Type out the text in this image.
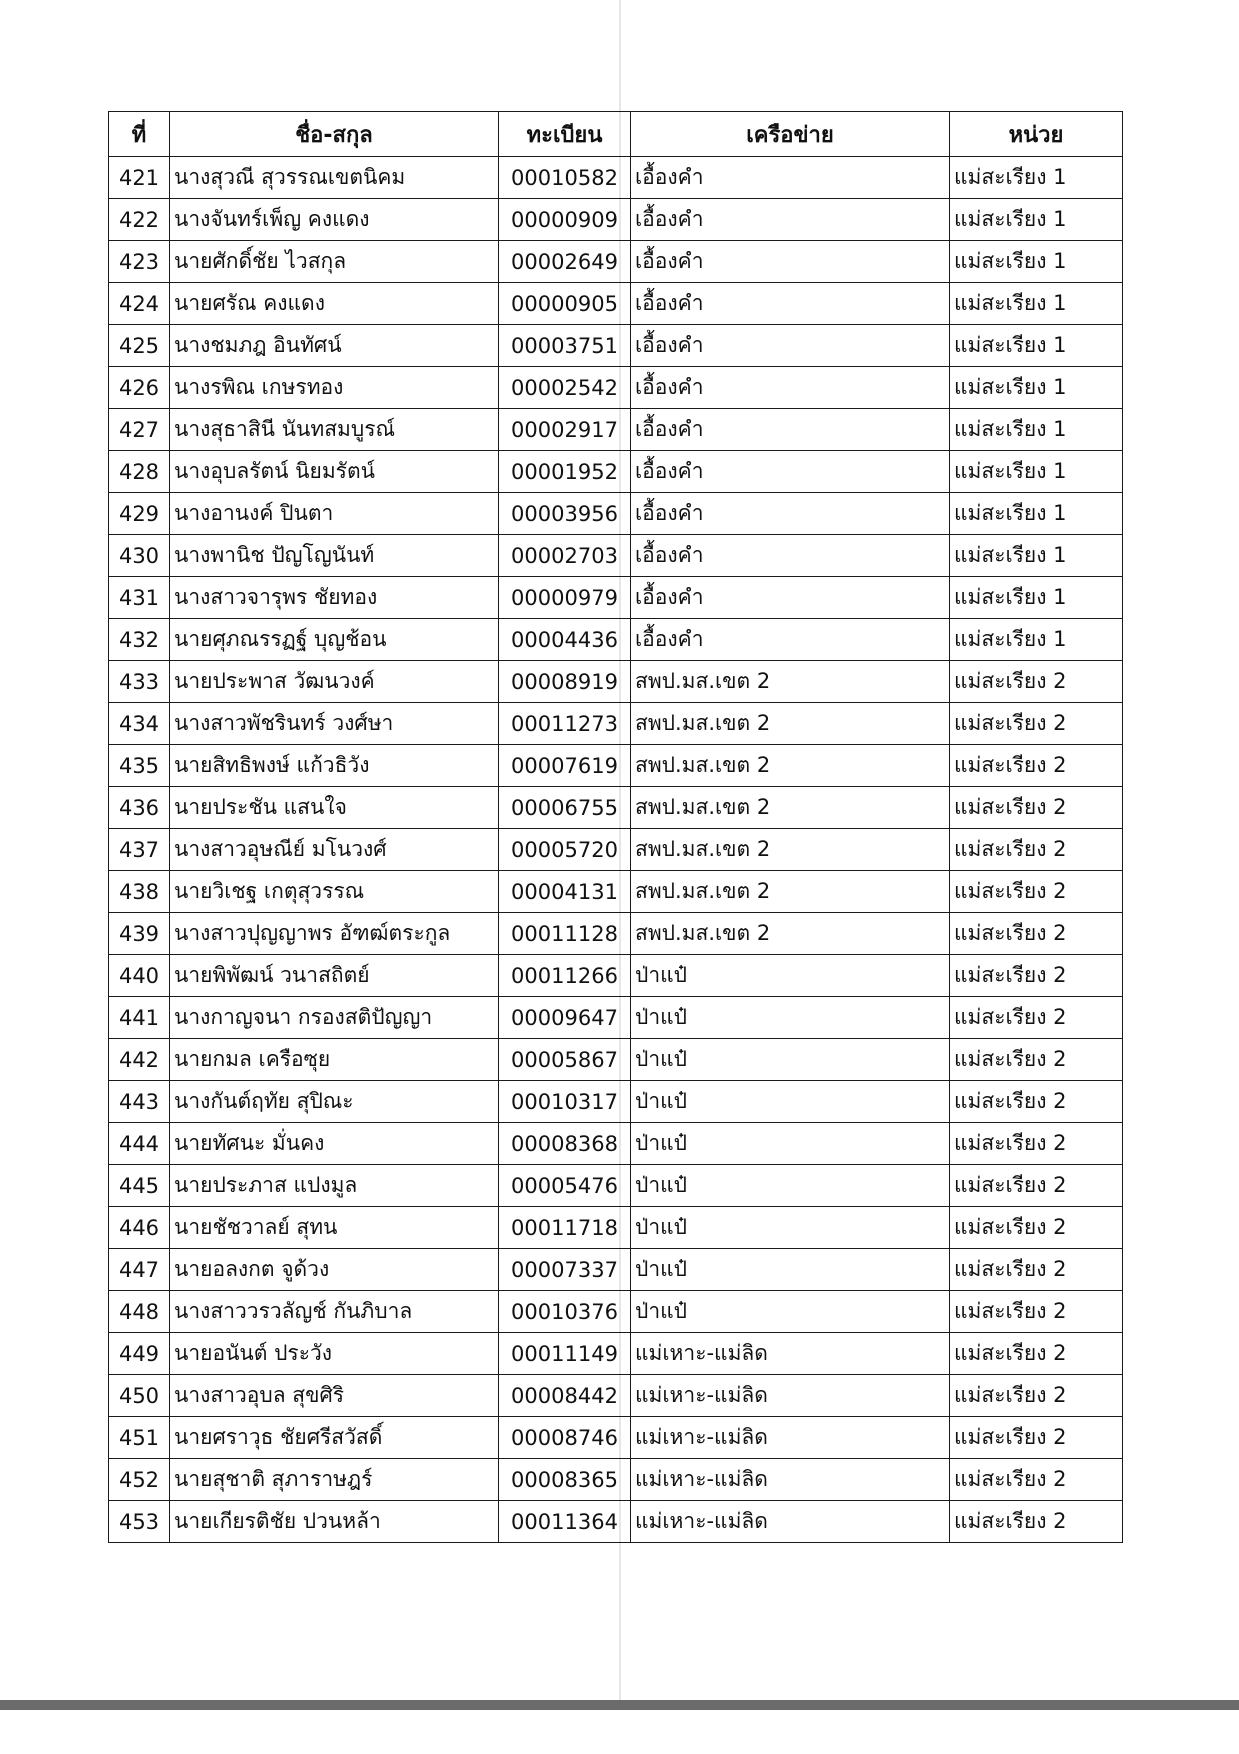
ที่	ชื่อ-สกุล	ทะเบียน	เครือข่าย	หน่วย
421	นางสุวณี สุวรรณเขตนิคม	00010582	เอื้องคำ	แม่สะเรียง 1
422	นางจันทร์เพ็ญ คงแดง	00000909	เอื้องคำ	แม่สะเรียง 1
423	นายศักดิ์ชัย ไวสกุล	00002649	เอื้องคำ	แม่สะเรียง 1
424	นายศรัณ คงแดง	00000905	เอื้องคำ	แม่สะเรียง 1
425	นางชมภฎ อินทัศน์	00003751	เอื้องคำ	แม่สะเรียง 1
426	นางรพิณ เกษรทอง	00002542	เอื้องคำ	แม่สะเรียง 1
427	นางสุธาสินี นันทสมบูรณ์	00002917	เอื้องคำ	แม่สะเรียง 1
428	นางอุบลรัตน์ นิยมรัตน์	00001952	เอื้องคำ	แม่สะเรียง 1
429	นางอานงค์ ปินตา	00003956	เอื้องคำ	แม่สะเรียง 1
430	นางพานิช ปัญโญนันท์	00002703	เอื้องคำ	แม่สะเรียง 1
431	นางสาวจารุพร ชัยทอง	00000979	เอื้องคำ	แม่สะเรียง 1
432	นายศุภณรรฏฐ์ บุญช้อน	00004436	เอื้องคำ	แม่สะเรียง 1
433	นายประพาส วัฒนวงค์	00008919	สพป.มส.เขต 2	แม่สะเรียง 2
434	นางสาวพัชรินทร์ วงศ์ษา	00011273	สพป.มส.เขต 2	แม่สะเรียง 2
435	นายสิทธิพงษ์ แก้วธิวัง	00007619	สพป.มส.เขต 2	แม่สะเรียง 2
436	นายประชัน แสนใจ	00006755	สพป.มส.เขต 2	แม่สะเรียง 2
437	นางสาวอุษณีย์ มโนวงศ์	00005720	สพป.มส.เขต 2	แม่สะเรียง 2
438	นายวิเชฐ เกตุสุวรรณ	00004131	สพป.มส.เขต 2	แม่สะเรียง 2
439	นางสาวปุญญาพร อัฑฒ์ตระกูล	00011128	สพป.มส.เขต 2	แม่สะเรียง 2
440	นายพิพัฒน์ วนาสถิตย์	00011266	ป่าแป๋	แม่สะเรียง 2
441	นางกาญจนา กรองสติปัญญา	00009647	ป่าแป๋	แม่สะเรียง 2
442	นายกมล เครือซุย	00005867	ป่าแป๋	แม่สะเรียง 2
443	นางกันต์ฤทัย สุปิณะ	00010317	ป่าแป๋	แม่สะเรียง 2
444	นายทัศนะ มั่นคง	00008368	ป่าแป๋	แม่สะเรียง 2
445	นายประภาส แปงมูล	00005476	ป่าแป๋	แม่สะเรียง 2
446	นายชัชวาลย์ สุทน	00011718	ป่าแป๋	แม่สะเรียง 2
447	นายอลงกต จูด้วง	00007337	ป่าแป๋	แม่สะเรียง 2
448	นางสาววรวลัญช์ กันภิบาล	00010376	ป่าแป๋	แม่สะเรียง 2
449	นายอนันต์ ประวัง	00011149	แม่เหาะ-แม่ลิด	แม่สะเรียง 2
450	นางสาวอุบล สุขศิริ	00008442	แม่เหาะ-แม่ลิด	แม่สะเรียง 2
451	นายศราวุธ ชัยศรีสวัสดิ์	00008746	แม่เหาะ-แม่ลิด	แม่สะเรียง 2
452	นายสุชาติ สุภาราษฎร์	00008365	แม่เหาะ-แม่ลิด	แม่สะเรียง 2
453	นายเกียรติชัย ปวนหล้า	00011364	แม่เหาะ-แม่ลิด	แม่สะเรียง 2
